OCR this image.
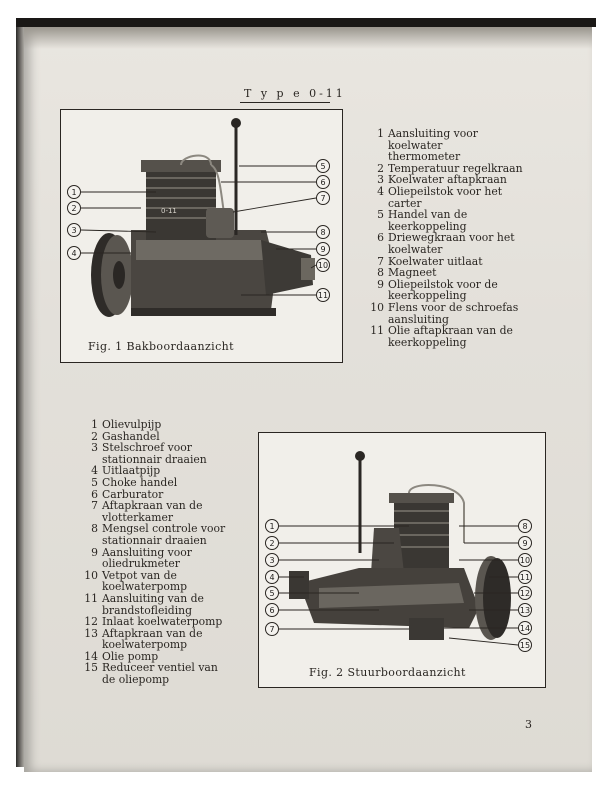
T y p e 0-11
0-11
1
2
3
4
5
6
7
8
9
10
11
Fig. 1 Bakboordaanzicht
1 Aansluiting voor
koelwater
thermometer
2 Temperatuur regelkraan
3 Koelwater aftapkraan
4 Oliepeilstok voor het
carter
5 Handel van de
keerkoppeling
6 Driewegkraan voor het
koelwater
7 Koelwater uitlaat
8 Magneet
9 Oliepeilstok voor de
keerkoppeling
10 Flens voor de schroefas
aansluiting
11 Olie aftapkraan van de
keerkoppeling
1 Olievulpijp
2 Gashandel
3 Stelschroef voor
stationnair draaien
4 Uitlaatpijp
5 Choke handel
6 Carburator
7 Aftapkraan van de
vlotterkamer
8 Mengsel controle voor
stationnair draaien
9 Aansluiting voor
oliedrukmeter
10 Vetpot van de
koelwaterpomp
11 Aansluiting van de
brandstofleiding
12 Inlaat koelwaterpomp
13 Aftapkraan van de
koelwaterpomp
14 Olie pomp
15 Reduceer ventiel van
de oliepomp
1
2
3
4
5
6
7
8
9
10
11
12
13
14
15
Fig. 2 Stuurboordaanzicht
3
